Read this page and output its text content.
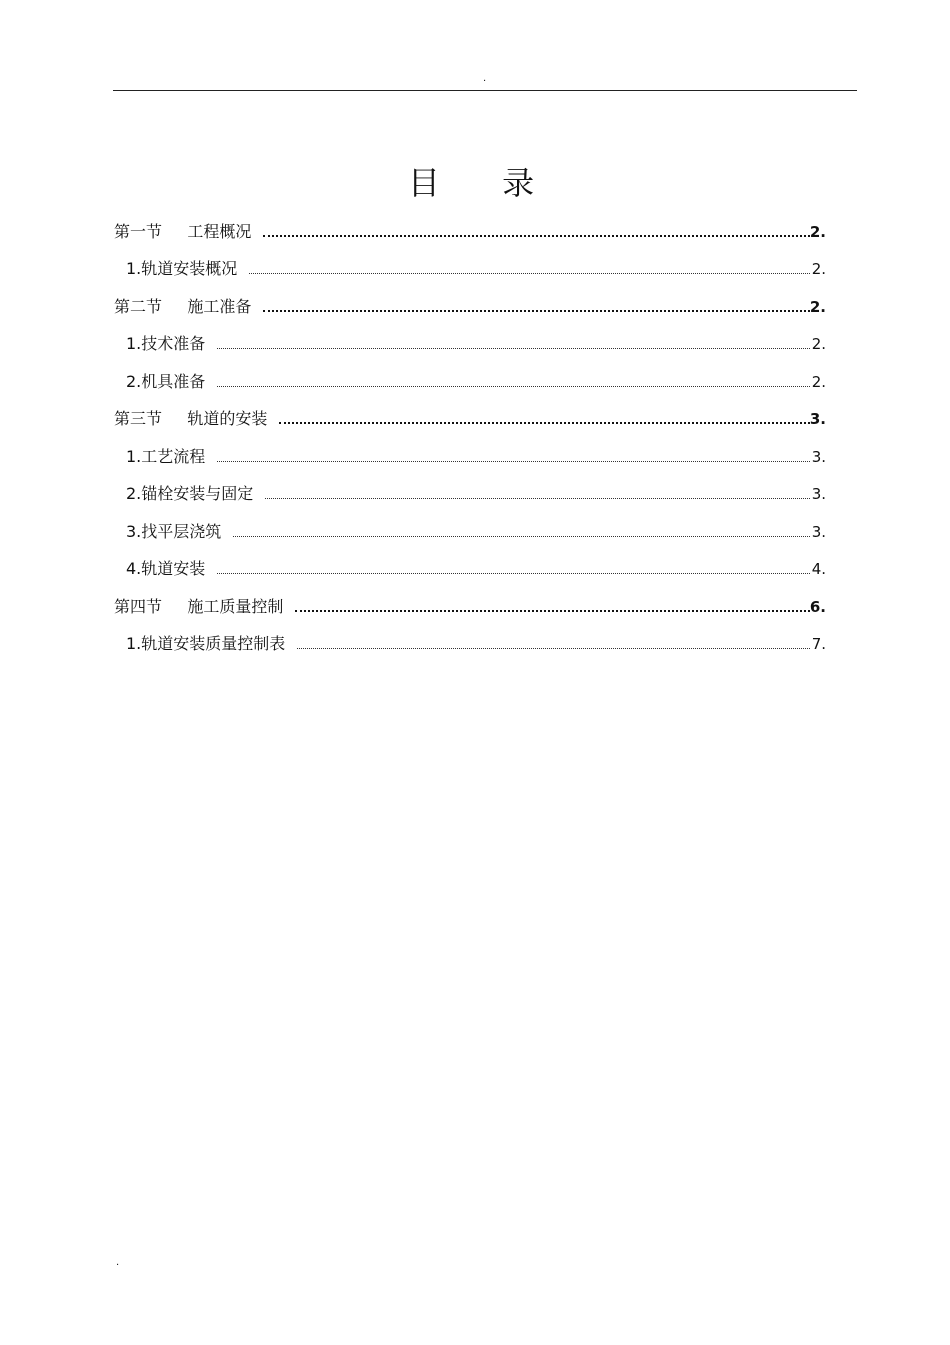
.
目 录
第一节     工程概况	2.
1.轨道安装概况	2.
第二节     施工准备	2.
1.技术准备	2.
2.机具准备	2.
第三节     轨道的安装	3.
1.工艺流程	3.
2.锚栓安装与固定	3.
3.找平层浇筑	3.
4.轨道安装	4.
第四节     施工质量控制	6.
1.轨道安装质量控制表	7.
.
